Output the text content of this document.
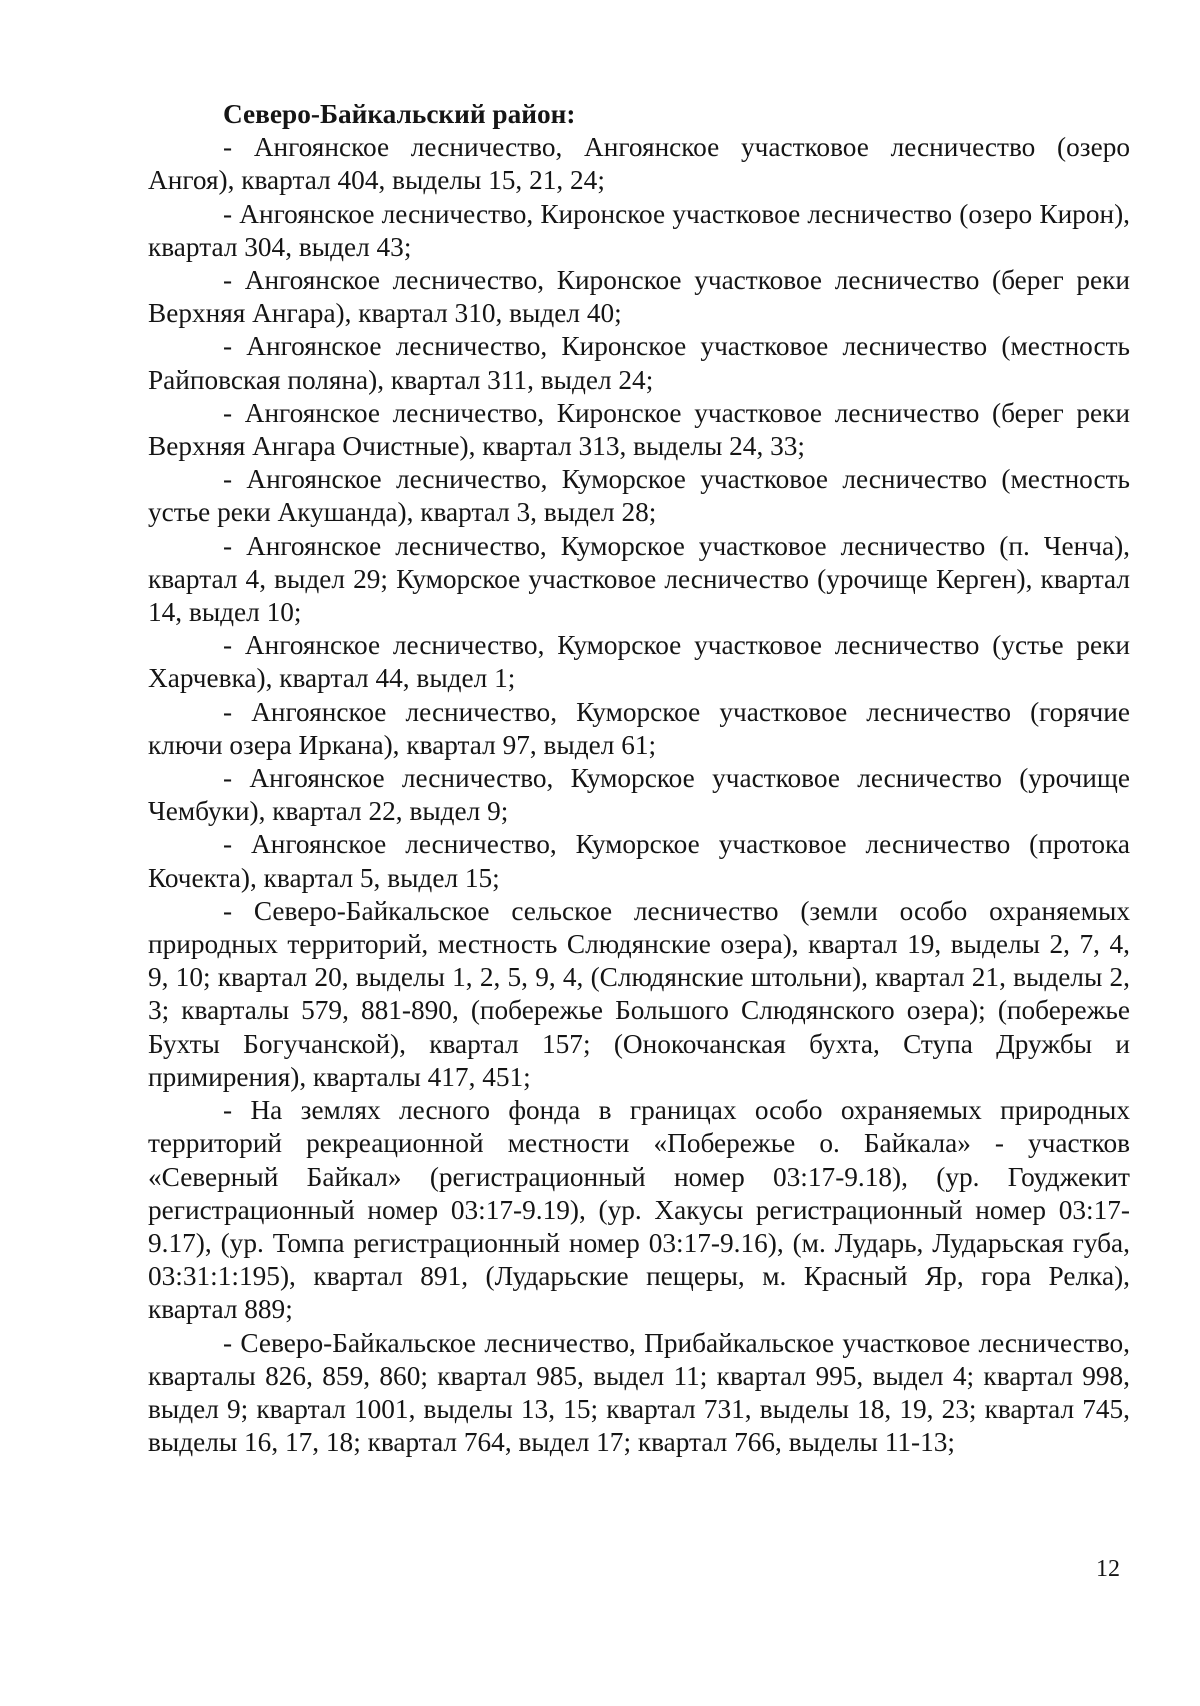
Северо-Байкальский район:

- Ангоянское лесничество, Ангоянское участковое лесничество (озеро Ангоя), квартал 404, выделы 15, 21, 24;

- Ангоянское лесничество, Киронское участковое лесничество (озеро Кирон), квартал 304, выдел 43;

- Ангоянское лесничество, Киронское участковое лесничество (берег реки Верхняя Ангара), квартал 310, выдел 40;

- Ангоянское лесничество, Киронское участковое лесничество (местность Райповская поляна), квартал 311, выдел 24;

- Ангоянское лесничество, Киронское участковое лесничество (берег реки Верхняя Ангара Очистные), квартал 313, выделы 24, 33;

- Ангоянское лесничество, Куморское участковое лесничество (местность устье реки Акушанда), квартал 3, выдел 28;

- Ангоянское лесничество, Куморское участковое лесничество (п. Ченча), квартал 4, выдел 29; Куморское участковое лесничество (урочище Керген), квартал 14, выдел 10;

- Ангоянское лесничество, Куморское участковое лесничество (устье реки Харчевка), квартал 44, выдел 1;

- Ангоянское лесничество, Куморское участковое лесничество (горячие ключи озера Иркана), квартал 97, выдел 61;

- Ангоянское лесничество, Куморское участковое лесничество (урочище Чембуки), квартал 22, выдел 9;

- Ангоянское лесничество, Куморское участковое лесничество (протока Кочекта), квартал 5, выдел 15;

- Северо-Байкальское сельское лесничество (земли особо охраняемых природных территорий, местность Слюдянские озера), квартал 19, выделы 2, 7, 4, 9, 10; квартал 20, выделы 1, 2, 5, 9, 4, (Слюдянские штольни), квартал 21, выделы 2, 3; кварталы 579, 881-890, (побережье Большого Слюдянского озера); (побережье Бухты Богучанской), квартал 157; (Онокочанская бухта, Ступа Дружбы и примирения), кварталы 417, 451;

- На землях лесного фонда в границах особо охраняемых природных территорий рекреационной местности «Побережье о. Байкала» - участков «Северный Байкал» (регистрационный номер 03:17-9.18), (ур. Гоуджекит регистрационный номер 03:17-9.19), (ур. Хакусы регистрационный номер 03:17-9.17), (ур. Томпа регистрационный номер 03:17-9.16), (м. Лударь, Лударьская губа, 03:31:1:195), квартал 891, (Лударьские пещеры, м. Красный Яр, гора Релка), квартал 889;

- Северо-Байкальское лесничество, Прибайкальское участковое лесничество, кварталы 826, 859, 860; квартал 985, выдел 11; квартал 995, выдел 4; квартал 998, выдел 9; квартал 1001, выделы 13, 15; квартал 731, выделы 18, 19, 23; квартал 745, выделы 16, 17, 18; квартал 764, выдел 17; квартал 766, выделы 11-13;

12
